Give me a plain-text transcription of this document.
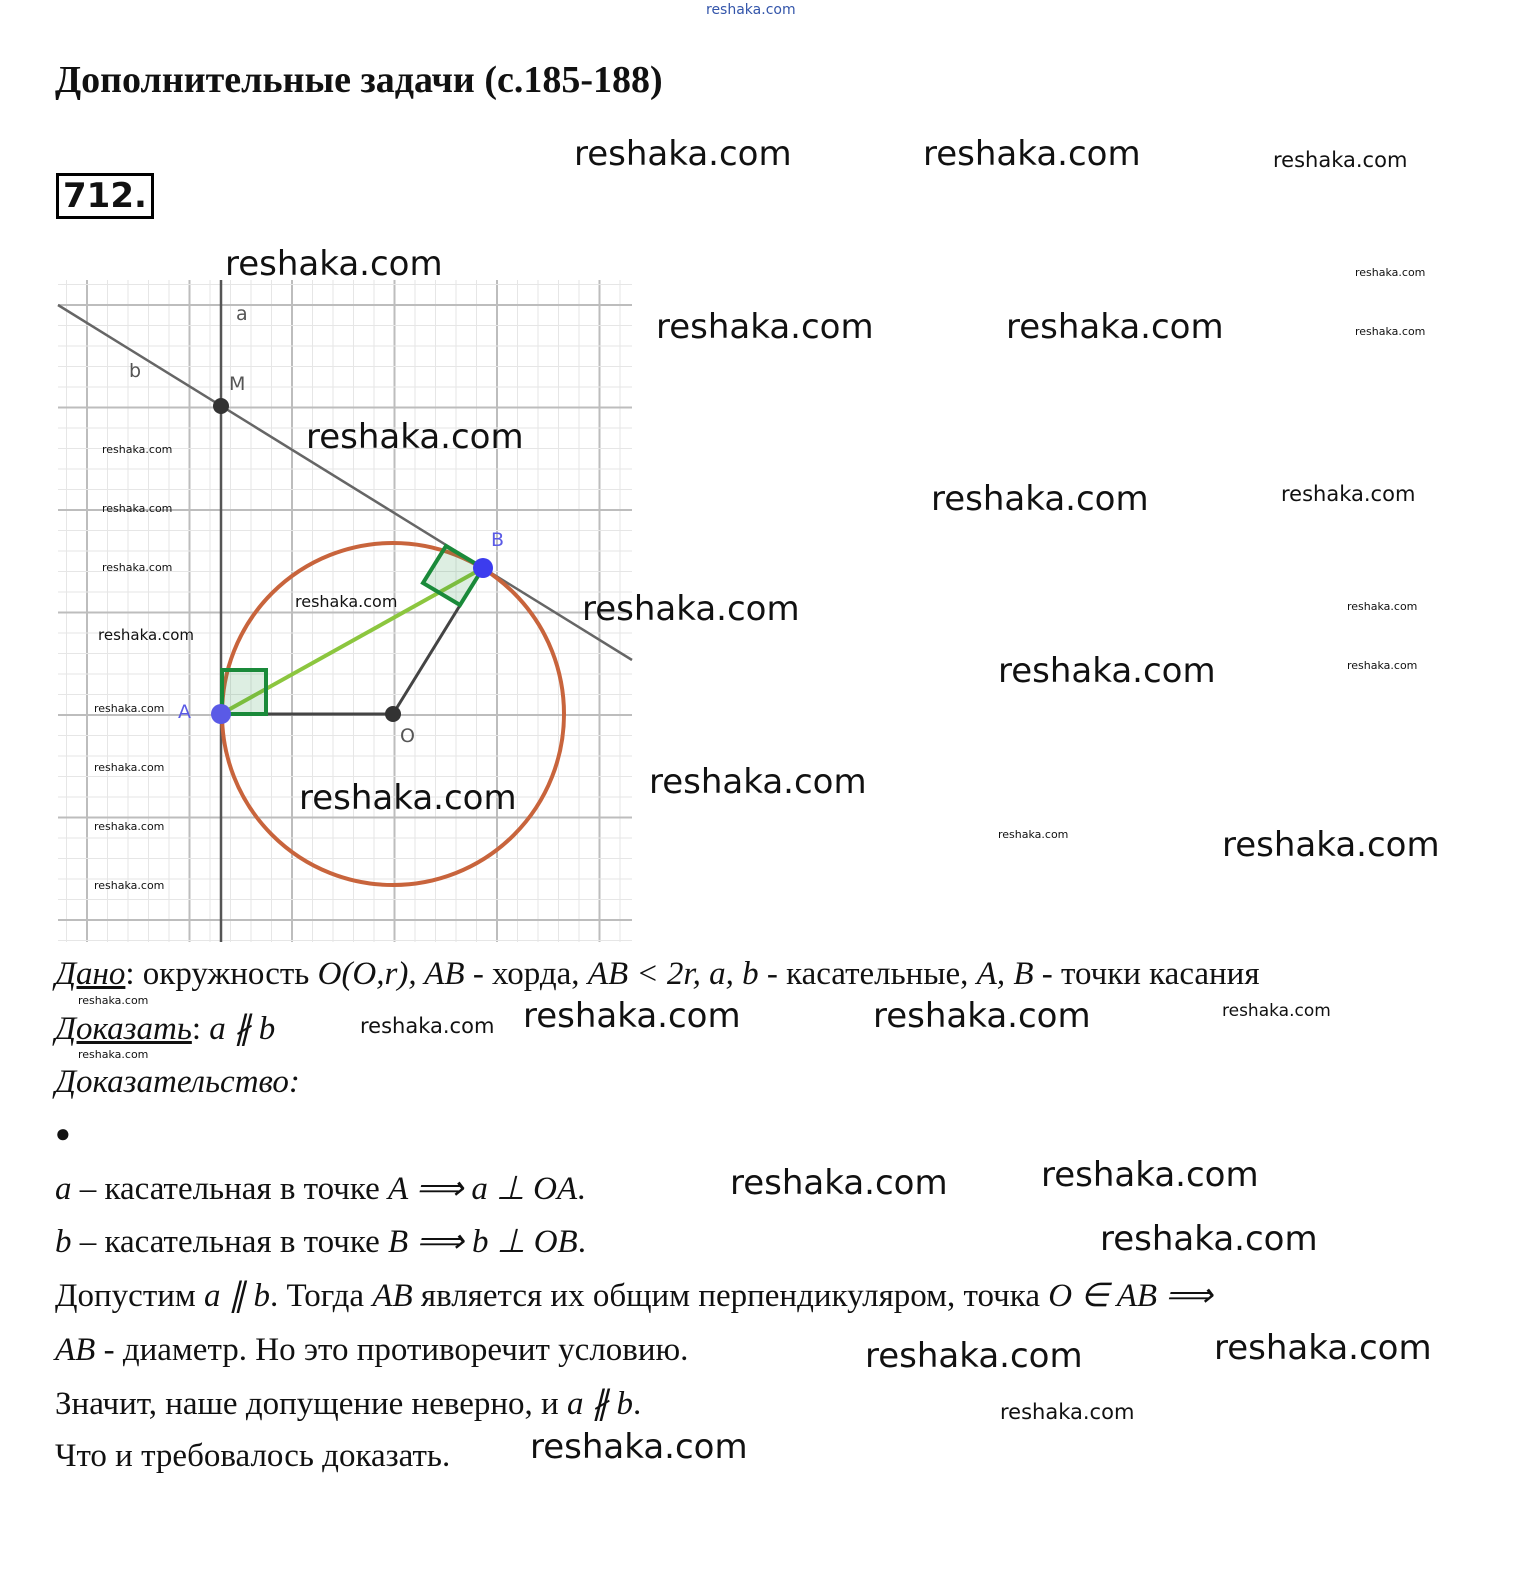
reshaka.com
Дополнительные задачи (с.185-188)
712.
a
b
M
A
B
O
Дано: окружность O(O,r), AB - хорда, AB < 2r, a, b - касательные, A, B - точки касания
Доказать: a ∦ b
Доказательство:
●
a – касательная в точке A ⟹ a ⊥ OA.
b – касательная в точке B ⟹ b ⊥ OB.
Допустим a ∥ b. Тогда AB является их общим перпендикуляром, точка O ∈ AB ⟹
AB - диаметр. Но это противоречит условию.
Значит, наше допущение неверно, и a ∦ b.
Что и требовалось доказать.
reshaka.com	reshaka.com	reshaka.com
reshaka.com	reshaka.com
reshaka.com	reshaka.com	reshaka.com
reshaka.com
reshaka.com
reshaka.com	reshaka.com
reshaka.com
reshaka.com
reshaka.com	reshaka.com	reshaka.com
reshaka.com
reshaka.com	reshaka.com
reshaka.com
reshaka.com	reshaka.com
reshaka.com
reshaka.com
reshaka.com	reshaka.com
reshaka.com
reshaka.com
reshaka.com reshaka.com	reshaka.com	reshaka.com
reshaka.com
reshaka.com	reshaka.com
reshaka.com
reshaka.com	reshaka.com
reshaka.com
reshaka.com
